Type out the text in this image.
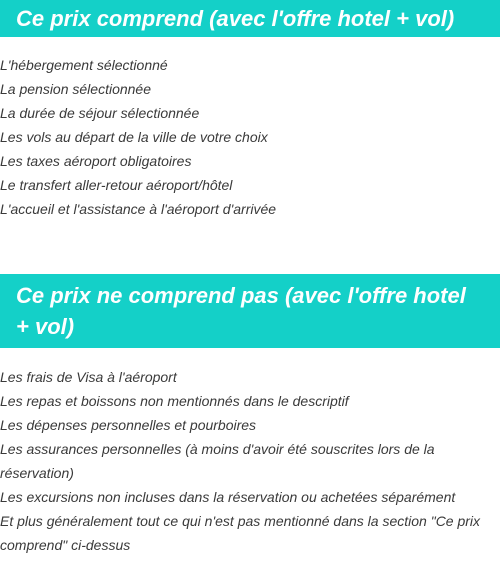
Ce prix comprend (avec l'offre hotel + vol)
L'hébergement sélectionné
La pension sélectionnée
La durée de séjour sélectionnée
Les vols au départ de la ville de votre choix
Les taxes aéroport obligatoires
Le transfert aller-retour aéroport/hôtel
L'accueil et l'assistance à l'aéroport d'arrivée
Ce prix ne comprend pas (avec l'offre hotel + vol)
Les frais de Visa à l'aéroport
Les repas et boissons non mentionnés dans le descriptif
Les dépenses personnelles et pourboires
Les assurances personnelles (à moins d'avoir été souscrites lors de la réservation)
Les excursions non incluses dans la réservation ou achetées séparément
Et plus généralement tout ce qui n'est pas mentionné dans la section "Ce prix comprend" ci-dessus
